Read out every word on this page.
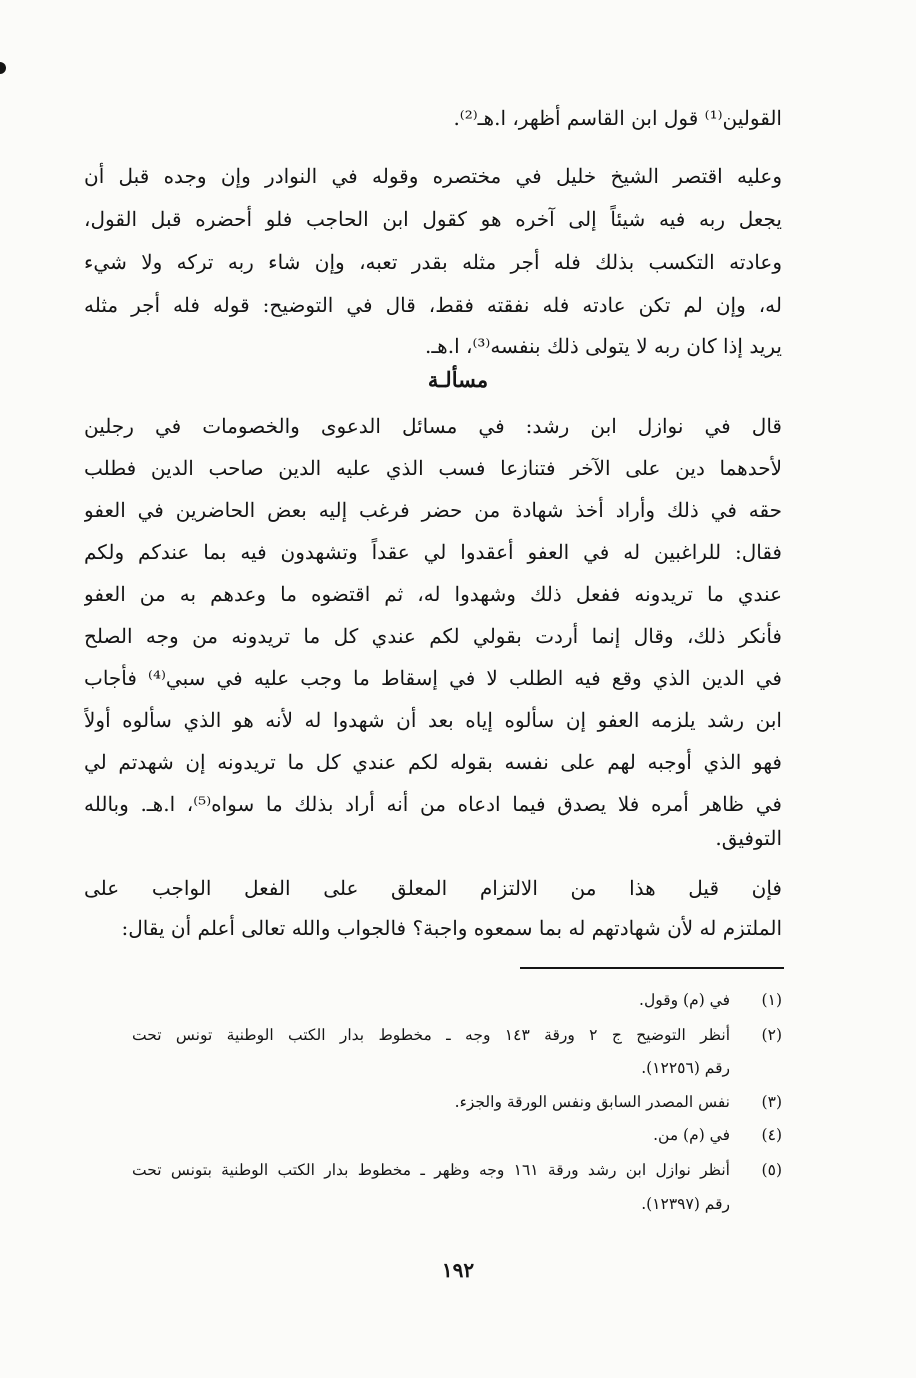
القولين⁽¹⁾ قول ابن القاسم أظهر، ا.هـ⁽²⁾.
وعليه اقتصر الشيخ خليل في مختصره وقوله في النوادر وإن وجده قبل أن
يجعل ربه فيه شيئاً إلى آخره هو كقول ابن الحاجب فلو أحضره قبل القول،
وعادته التكسب بذلك فله أجر مثله بقدر تعبه، وإن شاء ربه تركه ولا شيء
له، وإن لم تكن عادته فله نفقته فقط، قال في التوضيح: قوله فله أجر مثله
يريد إذا كان ربه لا يتولى ذلك بنفسه⁽³⁾، ا.هـ.
مسألـة
قال في نوازل ابن رشد: في مسائل الدعوى والخصومات في رجلين
لأحدهما دين على الآخر فتنازعا فسب الذي عليه الدين صاحب الدين فطلب
حقه في ذلك وأراد أخذ شهادة من حضر فرغب إليه بعض الحاضرين في العفو
فقال: للراغبين له في العفو أعقدوا لي عقداً وتشهدون فيه بما عندكم ولكم
عندي ما تريدونه ففعل ذلك وشهدوا له، ثم اقتضوه ما وعدهم به من العفو
فأنكر ذلك، وقال إنما أردت بقولي لكم عندي كل ما تريدونه من وجه الصلح
في الدين الذي وقع فيه الطلب لا في إسقاط ما وجب عليه في سبي⁽⁴⁾ فأجاب
ابن رشد يلزمه العفو إن سألوه إياه بعد أن شهدوا له لأنه هو الذي سألوه أولاً
فهو الذي أوجبه لهم على نفسه بقوله لكم عندي كل ما تريدونه إن شهدتم لي
في ظاهر أمره فلا يصدق فيما ادعاه من أنه أراد بذلك ما سواه⁽⁵⁾، ا.هـ. وبالله
التوفيق.
فإن قيل هذا من الالتزام المعلق على الفعل الواجب على
الملتزم له لأن شهادتهم له بما سمعوه واجبة؟ فالجواب والله تعالى أعلم أن يقال:
(١)
في (م) وقول.
(٢)
أنظر التوضيح ج ٢ ورقة ١٤٣ وجه ـ مخطوط بدار الكتب الوطنية تونس تحت
رقم (١٢٢٥٦).
(٣)
نفس المصدر السابق ونفس الورقة والجزء.
(٤)
في (م) من.
(٥)
أنظر نوازل ابن رشد ورقة ١٦١ وجه وظهر ـ مخطوط بدار الكتب الوطنية بتونس تحت
رقم (١٢٣٩٧).
١٩٢
